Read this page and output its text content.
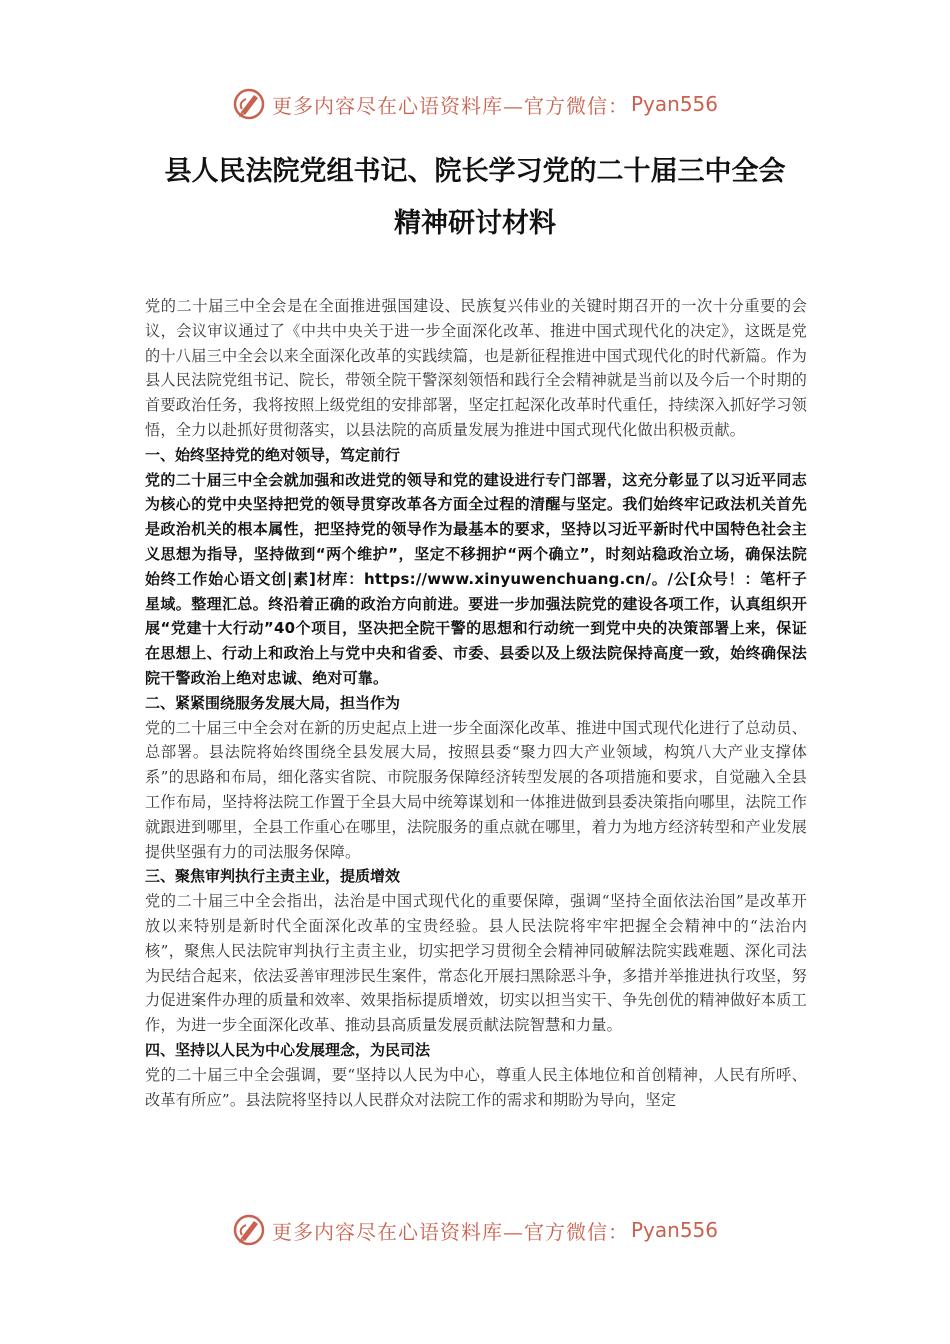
更多内容尽在心语资料库—官方微信： Pyan556
县人民法院党组书记、院长学习党的二十届三中全会
精神研讨材料

党的二十届三中全会是在全面推进强国建设、民族复兴伟业的关键时期召开的一次十分重要的会议，会议审议通过了《中共中央关于进一步全面深化改革、推进中国式现代化的决定》，这既是党的十八届三中全会以来全面深化改革的实践续篇，也是新征程推进中国式现代化的时代新篇。作为县人民法院党组书记、院长，带领全院干警深刻领悟和践行全会精神就是当前以及今后一个时期的首要政治任务，我将按照上级党组的安排部署，坚定扛起深化改革时代重任，持续深入抓好学习领悟，全力以赴抓好贯彻落实，以县法院的高质量发展为推进中国式现代化做出积极贡献。

一、始终坚持党的绝对领导，笃定前行

党的二十届三中全会就加强和改进党的领导和党的建设进行专门部署，这充分彰显了以习近平同志为核心的党中央坚持把党的领导贯穿改革各方面全过程的清醒与坚定。我们始终牢记政法机关首先是政治机关的根本属性，把坚持党的领导作为最基本的要求，坚持以习近平新时代中国特色社会主义思想为指导，坚持做到“两个维护”，坚定不移拥护“两个确立”，时刻站稳政治立场，确保法院始终工作始心语文创|素]材库：https://www.xinyuwenchuang.cn/。/公[众号！：笔杆子星域。整理汇总。终沿着正确的政治方向前进。要进一步加强法院党的建设各项工作，认真组织开展“党建十大行动”40个项目，坚决把全院干警的思想和行动统一到党中央的决策部署上来，保证在思想上、行动上和政治上与党中央和省委、市委、县委以及上级法院保持高度一致，始终确保法院干警政治上绝对忠诚、绝对可靠。

二、紧紧围绕服务发展大局，担当作为

党的二十届三中全会对在新的历史起点上进一步全面深化改革、推进中国式现代化进行了总动员、总部署。县法院将始终围绕全县发展大局，按照县委“聚力四大产业领域，构筑八大产业支撑体系”的思路和布局，细化落实省院、市院服务保障经济转型发展的各项措施和要求，自觉融入全县工作布局，坚持将法院工作置于全县大局中统筹谋划和一体推进做到县委决策指向哪里，法院工作就跟进到哪里，全县工作重心在哪里，法院服务的重点就在哪里，着力为地方经济转型和产业发展提供坚强有力的司法服务保障。

三、聚焦审判执行主责主业，提质增效

党的二十届三中全会指出，法治是中国式现代化的重要保障，强调“坚持全面依法治国”是改革开放以来特别是新时代全面深化改革的宝贵经验。县人民法院将牢牢把握全会精神中的“法治内核”，聚焦人民法院审判执行主责主业，切实把学习贯彻全会精神同破解法院实践难题、深化司法为民结合起来，依法妥善审理涉民生案件，常态化开展扫黑除恶斗争，多措并举推进执行攻坚，努力促进案件办理的质量和效率、效果指标提质增效，切实以担当实干、争先创优的精神做好本质工作，为进一步全面深化改革、推动县高质量发展贡献法院智慧和力量。

四、坚持以人民为中心发展理念，为民司法

党的二十届三中全会强调，要“坚持以人民为中心，尊重人民主体地位和首创精神，人民有所呼、改革有所应”。县法院将坚持以人民群众对法院工作的需求和期盼为导向，坚定

更多内容尽在心语资料库—官方微信： Pyan556
